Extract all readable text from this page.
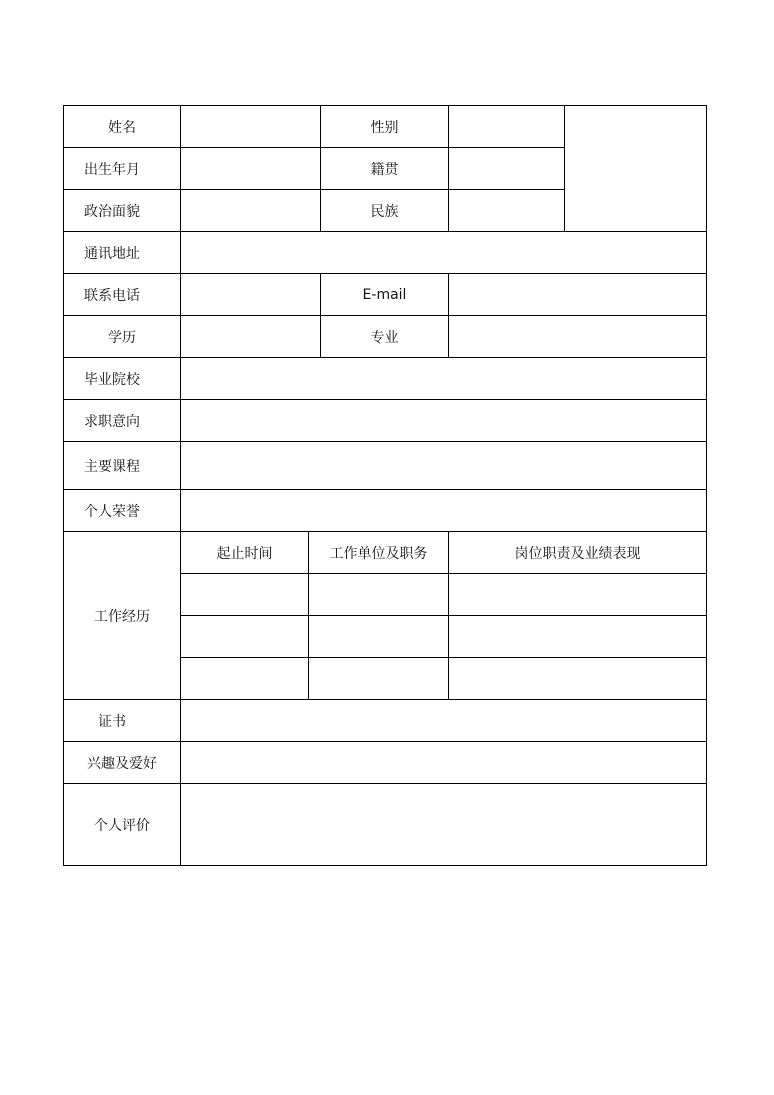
姓名			性别		
出生年月			籍贯		
政治面貌			民族		
通讯地址					
联系电话			E-mail		
学历			专业		
毕业院校					
求职意向					
主要课程					
个人荣誉					
工作经历	起止时间	工作单位及职务		岗位职责及业绩表现	

证书					
兴趣及爱好					
个人评价					
